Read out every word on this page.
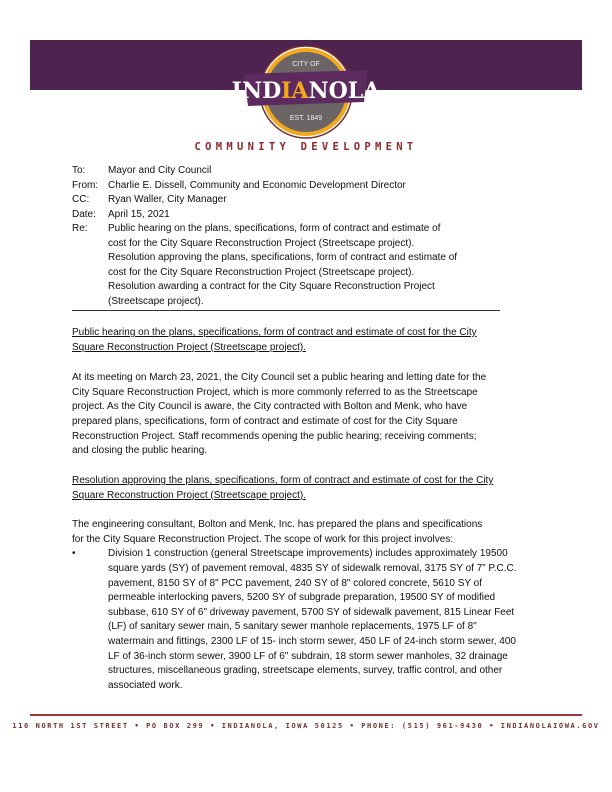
CITY OF
INDIANOLA
EST. 1849
COMMUNITY DEVELOPMENT
To:	Mayor and City Council
From: Charlie E. Dissell, Community and Economic Development Director
CC:	Ryan Waller, City Manager
Date:	April 15, 2021
Re:	Public hearing on the plans, specifications, form of contract and estimate of
cost for the City Square Reconstruction Project (Streetscape project).
Resolution approving the plans, specifications, form of contract and estimate of
cost for the City Square Reconstruction Project (Streetscape project).
Resolution awarding a contract for the City Square Reconstruction Project
(Streetscape project).
Public hearing on the plans, specifications, form of contract and estimate of cost for the City
Square Reconstruction Project (Streetscape project).
At its meeting on March 23, 2021, the City Council set a public hearing and letting date for the
City Square Reconstruction Project, which is more commonly referred to as the Streetscape
project. As the City Council is aware, the City contracted with Bolton and Menk, who have
prepared plans, specifications, form of contract and estimate of cost for the City Square
Reconstruction Project. Staff recommends opening the public hearing; receiving comments;
and closing the public hearing.
Resolution approving the plans, specifications, form of contract and estimate of cost for the City
Square Reconstruction Project (Streetscape project).
The engineering consultant, Bolton and Menk, Inc. has prepared the plans and specifications
for the City Square Reconstruction Project. The scope of work for this project involves:
•	Division 1 construction (general Streetscape improvements) includes approximately 19500
square yards (SY) of pavement removal, 4835 SY of sidewalk removal, 3175 SY of 7” P.C.C.
pavement, 8150 SY of 8" PCC pavement, 240 SY of 8" colored concrete, 5610 SY of
permeable interlocking pavers, 5200 SY of subgrade preparation, 19500 SY of modified
subbase, 610 SY of 6" driveway pavement, 5700 SY of sidewalk pavement, 815 Linear Feet
(LF) of sanitary sewer main, 5 sanitary sewer manhole replacements, 1975 LF of 8"
watermain and fittings, 2300 LF of 15- inch storm sewer, 450 LF of 24-inch storm sewer, 400
LF of 36-inch storm sewer, 3900 LF of 6" subdrain, 18 storm sewer manholes, 32 drainage
structures, miscellaneous grading, streetscape elements, survey, traffic control, and other
associated work.
110 NORTH 1ST STREET • PO BOX 299 • INDIANOLA, IOWA 50125 • PHONE: (515) 961-9430 • INDIANOLAIOWA.GOV
